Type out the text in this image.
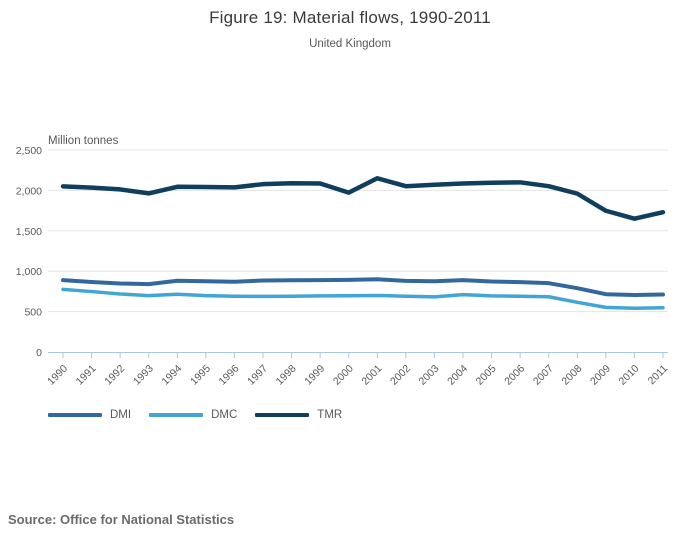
Figure 19: Material flows, 1990-2011
United Kingdom
Million tonnes
0
500
1,000
1,500
2,000
2,500
1990 1991 1992 1993 1994 1995 1996 1997 1998 1999 2000 2001 2002 2003 2004 2005 2006 2007 2008 2009 2010 2011
DMI	DMC	TMR
Source: Office for National Statistics
